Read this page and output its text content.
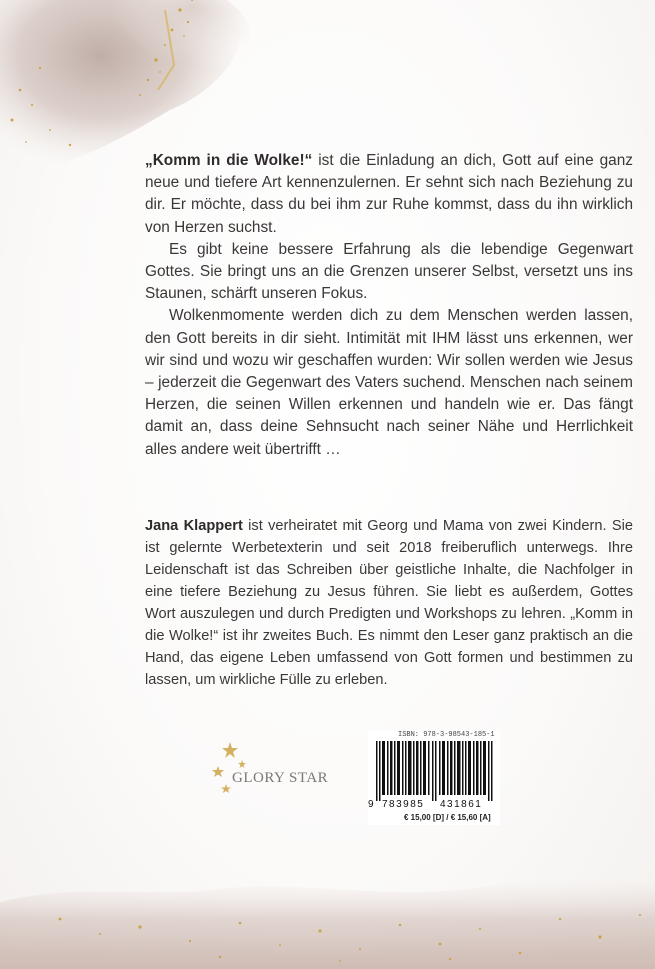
„Komm in die Wolke!“ ist die Einladung an dich, Gott auf eine ganz neue und tiefere Art kennenzulernen. Er sehnt sich nach Beziehung zu dir. Er möchte, dass du bei ihm zur Ruhe kommst, dass du ihn wirklich von Herzen suchst.

Es gibt keine bessere Erfahrung als die lebendige Gegenwart Gottes. Sie bringt uns an die Grenzen unserer Selbst, versetzt uns ins Staunen, schärft unseren Fokus.

Wolkenmomente werden dich zu dem Menschen werden lassen, den Gott bereits in dir sieht. Intimität mit IHM lässt uns erkennen, wer wir sind und wozu wir geschaffen wurden: Wir sollen werden wie Jesus – jederzeit die Gegenwart des Vaters suchend. Menschen nach seinem Herzen, die seinen Willen erkennen und handeln wie er. Das fängt damit an, dass deine Sehnsucht nach seiner Nähe und Herrlichkeit alles andere weit übertrifft …

Jana Klappert ist verheiratet mit Georg und Mama von zwei Kindern. Sie ist gelernte Werbetexterin und seit 2018 freiberuflich unterwegs. Ihre Leidenschaft ist das Schreiben über geistliche Inhalte, die Nachfolger in eine tiefere Beziehung zu Jesus führen. Sie liebt es außerdem, Gottes Wort auszulegen und durch Predigten und Workshops zu lehren. „Komm in die Wolke!“ ist ihr zweites Buch. Es nimmt den Leser ganz praktisch an die Hand, das eigene Leben umfassend von Gott formen und bestimmen zu lassen, um wirkliche Fülle zu erleben.

GLORY STAR
ISBN: 978-3-98543-185-1
9 783985 431861
€ 15,00 [D] / € 15,60 [A]
